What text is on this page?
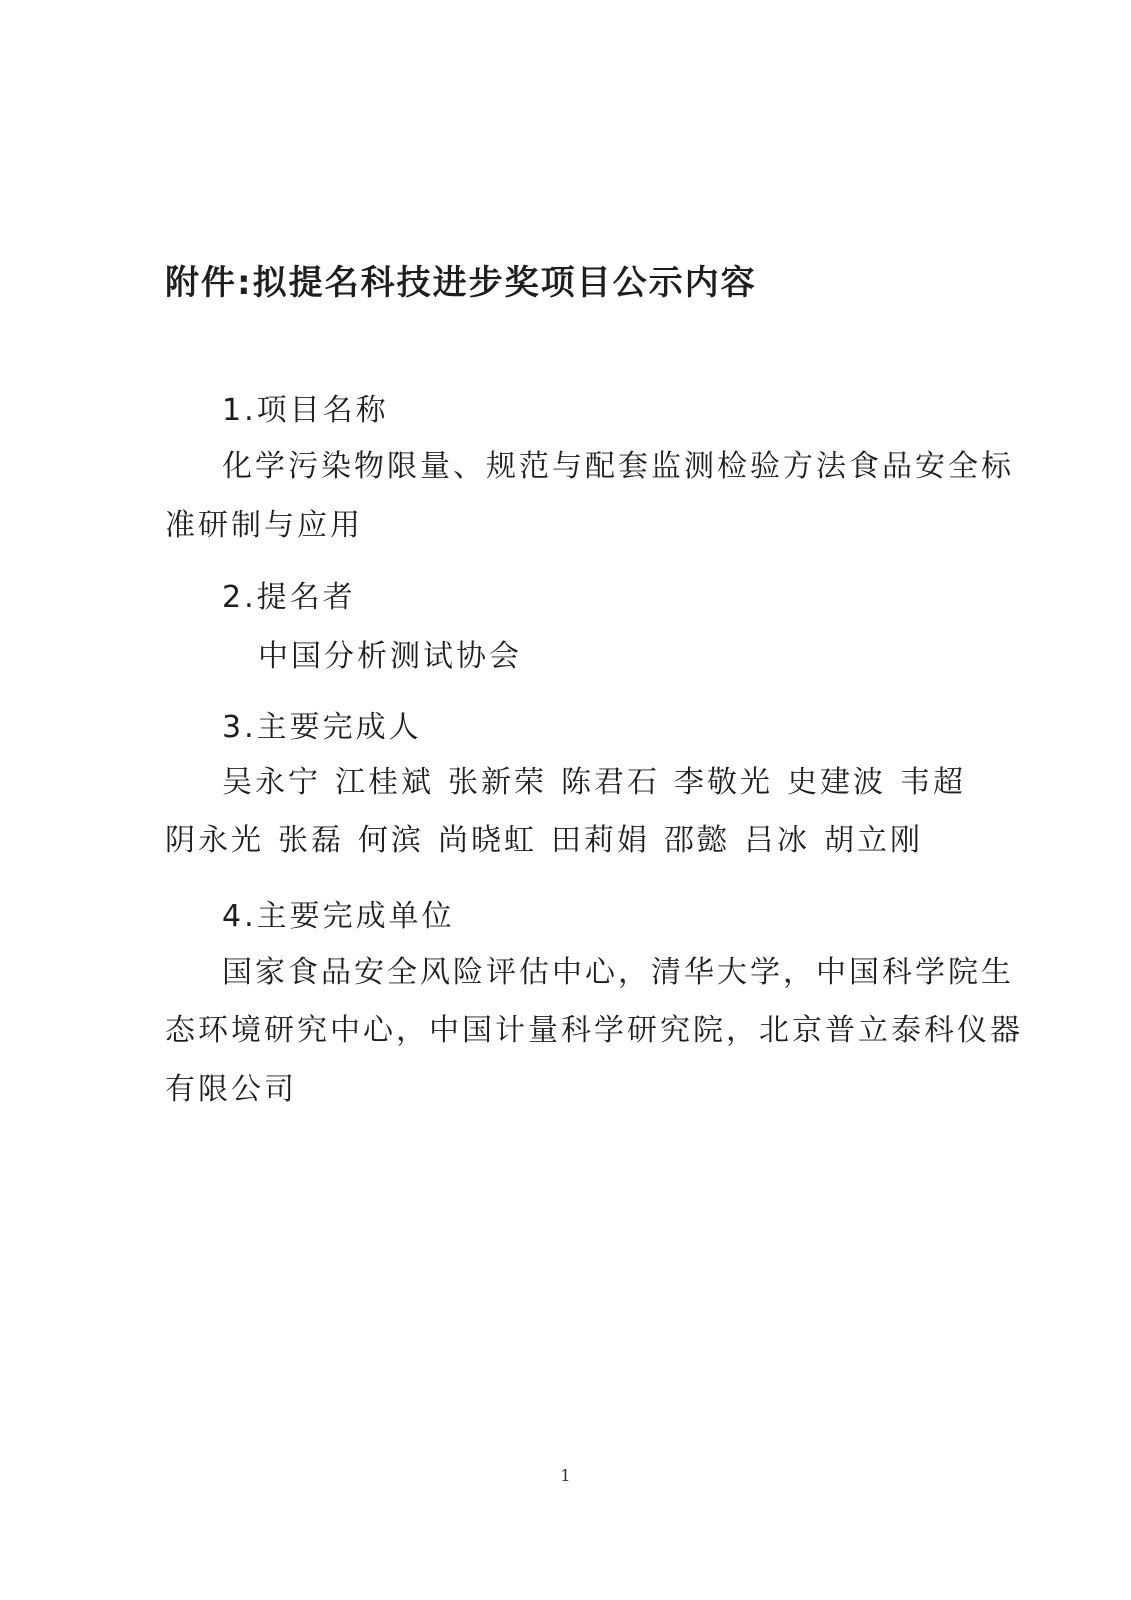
附件:拟提名科技进步奖项目公示内容
1.项目名称
化学污染物限量、规范与配套监测检验方法食品安全标
准研制与应用
2.提名者
中国分析测试协会
3.主要完成人
吴永宁 江桂斌 张新荣 陈君石 李敬光 史建波 韦超
阴永光 张磊 何滨 尚晓虹 田莉娟 邵懿 吕冰 胡立刚
4.主要完成单位
国家食品安全风险评估中心，清华大学，中国科学院生
态环境研究中心，中国计量科学研究院，北京普立泰科仪器
有限公司
1
